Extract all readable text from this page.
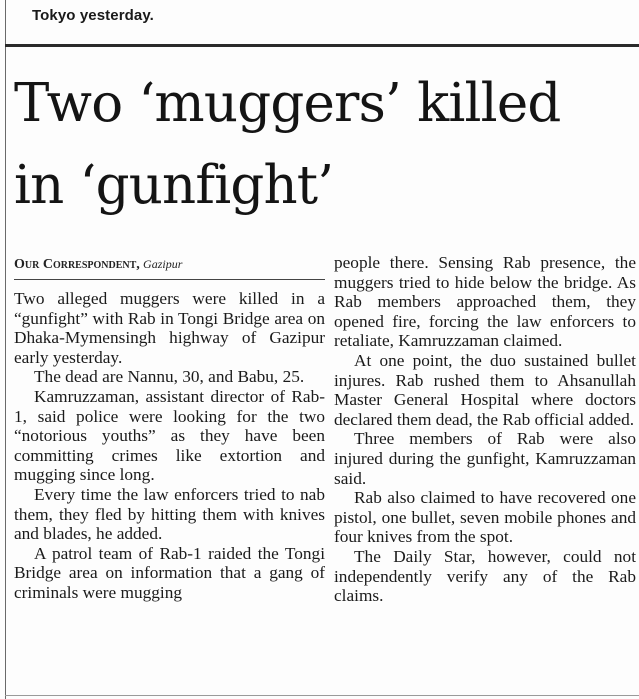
Tokyo yesterday.

Two ‘muggers’ killed
in ‘gunfight’

Our Correspondent, Gazipur

Two alleged muggers were killed in a “gunfight” with Rab in Tongi Bridge area on Dhaka-Mymensingh highway of Gazipur early yesterday.

The dead are Nannu, 30, and Babu, 25.

Kamruzzaman, assistant director of Rab-1, said police were looking for the two “notorious youths” as they have been committing crimes like extortion and mugging since long.

Every time the law enforcers tried to nab them, they fled by hitting them with knives and blades, he added.

A patrol team of Rab-1 raided the Tongi Bridge area on information that a gang of criminals were mugging

people there. Sensing Rab presence, the muggers tried to hide below the bridge. As Rab members approached them, they opened fire, forcing the law enforcers to retaliate, Kamruzzaman claimed.

At one point, the duo sustained bullet injures. Rab rushed them to Ahsanullah Master General Hospital where doctors declared them dead, the Rab official added.

Three members of Rab were also injured during the gunfight, Kamruzzaman said.

Rab also claimed to have recovered one pistol, one bullet, seven mobile phones and four knives from the spot.

The Daily Star, however, could not independently verify any of the Rab claims.
